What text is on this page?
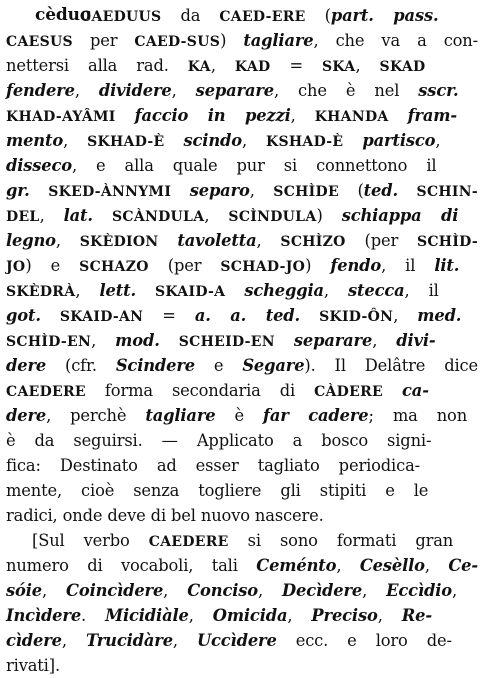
cèduo
CAEDUUS da CAED-ERE (part. pass.
CAESUS per CAED-SUS) tagliare, che va a con-
nettersi alla rad. KA, KAD = SKA, SKAD
fendere, dividere, separare, che è nel sscr.
KHAD-AYÂMI faccio in pezzi, KHANDA fram-
mento, SKHAD-È scindo, KSHAD-È partisco,
disseco, e alla quale pur si connettono il
gr. SKED-ÀNNYMI separo, SCHÌDE (ted. SCHIN-
DEL, lat. SCÀNDULA, SCÌNDULA) schiappa di
legno, SKÈDION tavoletta, SCHÌZO (per SCHÌD-
JO) e SCHAZO (per SCHAD-JO) fendo, il lit.
SKÈDRÀ, lett. SKAID-A scheggia, stecca, il
got. SKAID-AN = a. a. ted. SKID-ÔN, med.
SCHÌD-EN, mod. SCHEID-EN separare, divi-
dere (cfr. Scindere e Segare). Il Delâtre dice
CAEDERE forma secondaria di CÀDERE ca-
dere, perchè tagliare è far cadere; ma non
è da seguirsi. — Applicato a bosco signi-
fica: Destinato ad esser tagliato periodica-
mente, cioè senza togliere gli stipiti e le
radici, onde deve di bel nuovo nascere.
[Sul verbo CAEDERE si sono formati gran
numero di vocaboli, tali Ceménto, Cesèllo, Ce-
sóie, Coincìdere, Conciso, Decìdere, Eccìdio,
Incìdere. Micidiàle, Omicida, Preciso, Re-
cìdere, Trucidàre, Uccìdere ecc. e loro de-
rivati].
